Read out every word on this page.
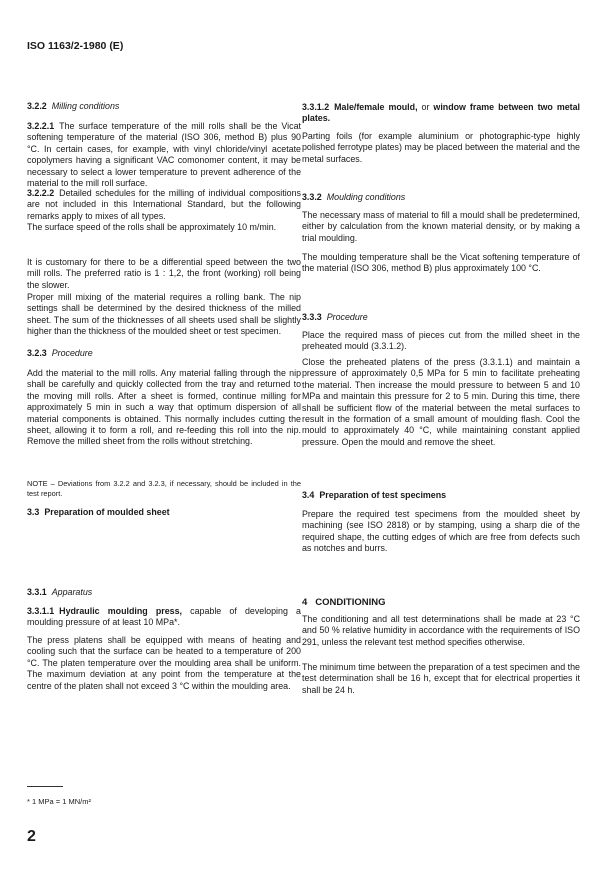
ISO 1163/2-1980 (E)
3.2.2 Milling conditions
3.2.2.1 The surface temperature of the mill rolls shall be the Vicat softening temperature of the material (ISO 306, method B) plus 90 °C. In certain cases, for example, with vinyl chloride/vinyl acetate copolymers having a significant VAC comonomer content, it may be necessary to select a lower temperature to prevent adherence of the material to the mill roll surface.
3.2.2.2 Detailed schedules for the milling of individual compositions are not included in this International Standard, but the following remarks apply to mixes of all types.
The surface speed of the rolls shall be approximately 10 m/min.
It is customary for there to be a differential speed between the two mill rolls. The preferred ratio is 1 : 1,2, the front (working) roll being the slower.
Proper mill mixing of the material requires a rolling bank. The nip settings shall be determined by the desired thickness of the milled sheet. The sum of the thicknesses of all sheets used shall be slightly higher than the thickness of the moulded sheet or test specimen.
3.2.3 Procedure
Add the material to the mill rolls. Any material falling through the nip shall be carefully and quickly collected from the tray and returned to the moving mill rolls. After a sheet is formed, continue milling for approximately 5 min in such a way that optimum dispersion of all material components is obtained. This normally includes cutting the sheet, allowing it to form a roll, and re-feeding this roll into the nip. Remove the milled sheet from the rolls without stretching.
NOTE – Deviations from 3.2.2 and 3.2.3, if necessary, should be included in the test report.
3.3 Preparation of moulded sheet
3.3.1 Apparatus
3.3.1.1 Hydraulic moulding press, capable of developing a moulding pressure of at least 10 MPa*.
The press platens shall be equipped with means of heating and cooling such that the surface can be heated to a temperature of 200 °C. The platen temperature over the moulding area shall be uniform. The maximum deviation at any point from the temperature at the centre of the platen shall not exceed 3 °C within the moulding area.
* 1 MPa = 1 MN/m²
2
3.3.1.2 Male/female mould, or window frame between two metal plates.
Parting foils (for example aluminium or photographic-type highly polished ferrotype plates) may be placed between the material and the metal surfaces.
3.3.2 Moulding conditions
The necessary mass of material to fill a mould shall be predetermined, either by calculation from the known material density, or by making a trial moulding.
The moulding temperature shall be the Vicat softening temperature of the material (ISO 306, method B) plus approximately 100 °C.
3.3.3 Procedure
Place the required mass of pieces cut from the milled sheet in the preheated mould (3.3.1.2).
Close the preheated platens of the press (3.3.1.1) and maintain a pressure of approximately 0,5 MPa for 5 min to facilitate preheating the material. Then increase the mould pressure to between 5 and 10 MPa and maintain this pressure for 2 to 5 min. During this time, there shall be sufficient flow of the material between the metal surfaces to result in the formation of a small amount of moulding flash. Cool the mould to approximately 40 °C, while maintaining constant applied pressure. Open the mould and remove the sheet.
3.4 Preparation of test specimens
Prepare the required test specimens from the moulded sheet by machining (see ISO 2818) or by stamping, using a sharp die of the required shape, the cutting edges of which are free from defects such as notches and burrs.
4 CONDITIONING
The conditioning and all test determinations shall be made at 23 °C and 50 % relative humidity in accordance with the requirements of ISO 291, unless the relevant test method specifies otherwise.
The minimum time between the preparation of a test specimen and the test determination shall be 16 h, except that for electrical properties it shall be 24 h.
